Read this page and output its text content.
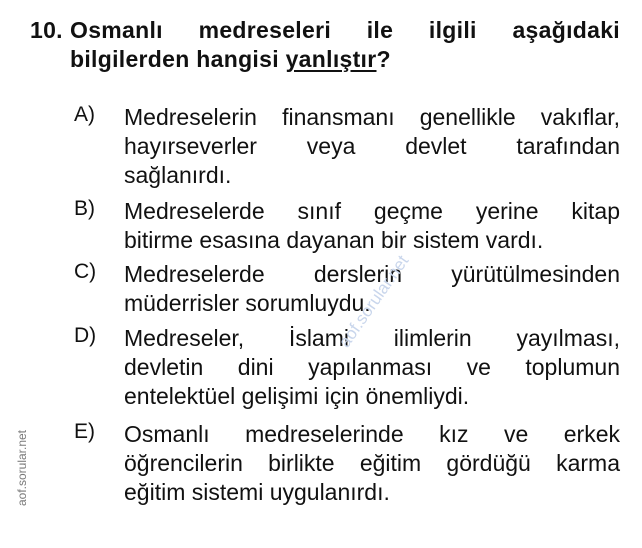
10. Osmanlı medreseleri ile ilgili aşağıdaki
bilgilerden hangisi yanlıştır?
A) Medreselerin finansmanı genellikle vakıflar,
hayırseverler veya devlet tarafından
sağlanırdı.
B) Medreselerde sınıf geçme yerine kitap
bitirme esasına dayanan bir sistem vardı.
C) Medreselerde derslerin yürütülmesinden
müderrisler sorumluydu.
D) Medreseler, İslami ilimlerin yayılması,
devletin dini yapılanması ve toplumun
entelektüel gelişimi için önemliydi.
E) Osmanlı medreselerinde kız ve erkek
öğrencilerin birlikte eğitim gördüğü karma
eğitim sistemi uygulanırdı.
aof.sorular.net
aof.sorular.net
